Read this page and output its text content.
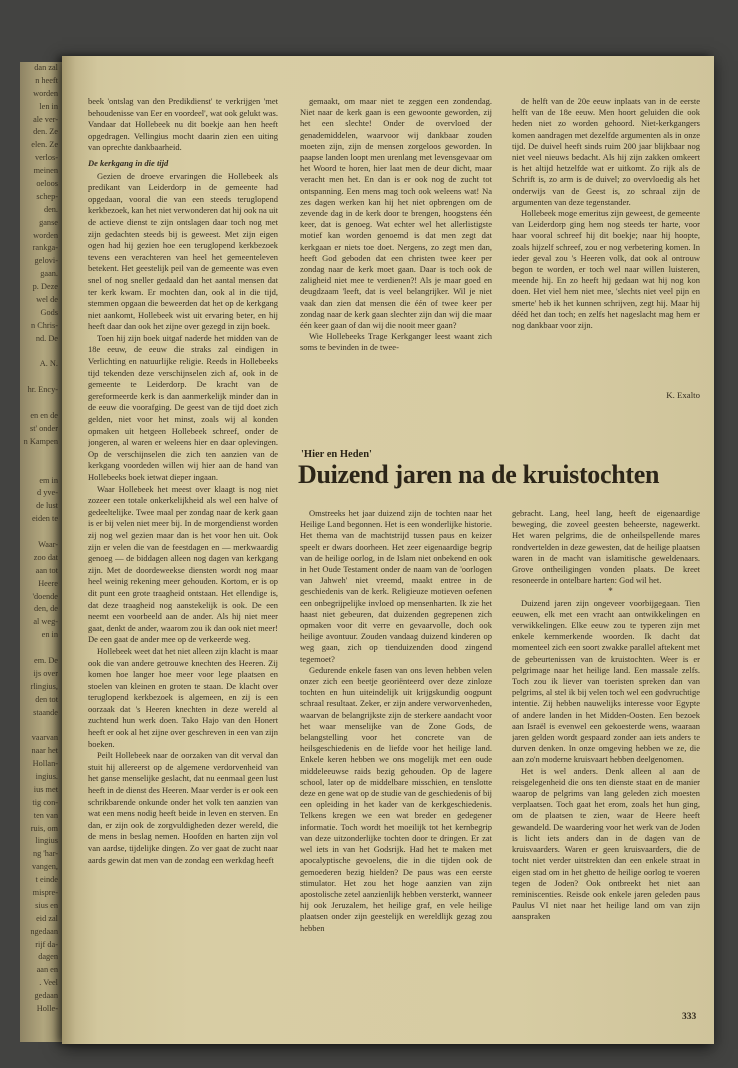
dan zal
n heeft
worden
len in
ale ver-
den. Ze
elen. Ze
verlos-
meinen
oeloos
schep-
den.
ganse
worden
rankga-
gelovi-
gaan.
p. Deze
wel de
Gods
n Chris-
nd. De
A. N.
hr. Ency-
en en de
st' onder
n Kampen
em in
d yve-
de lust
eiden te
Waar-
zoo dat
aan tot
Heere
'doende
den, de
al weg-
en in
em. De
ijs over
rlingius,
den tot
staande
vaarvan
naar het
Hollan-
ingius.
ius met
tig con-
ten van
ruis, om
lingius
ng 'har-
vangen,
t einde
mispre-
sius en
eid zal
ngedaan
rijf da-
dagen
aan en
. Veel
gedaan
Holle-

beek 'ontslag van den Predikdienst' te verkrijgen 'met behoudenisse van Eer en voordeel', wat ook gelukt was. Vandaar dat Hollebeek nu dit boekje aan hen heeft opgedragen. Vellingius mocht daarin zien een uiting van oprechte dankbaarheid.

De kerkgang in die tijd

Gezien de droeve ervaringen die Hollebeek als predikant van Leiderdorp in de gemeente had opgedaan, vooral die van een steeds teruglopend kerkbezoek, kan het niet verwonderen dat hij ook na uit de actieve dienst te zijn ontslagen daar toch nog met zijn gedachten steeds bij is geweest. Met zijn eigen ogen had hij gezien hoe een teruglopend kerkbezoek tevens een verachteren van heel het gemeenteleven betekent. Het geestelijk peil van de gemeente was even snel of nog sneller gedaald dan het aantal mensen dat ter kerk kwam. Er mochten dan, ook al in die tijd, stemmen opgaan die beweerden dat het op de kerkgang niet aankomt, Hollebeek wist uit ervaring beter, en hij heeft daar dan ook het zijne over gezegd in zijn boek.

Toen hij zijn boek uitgaf naderde het midden van de 18e eeuw, de eeuw die straks zal eindigen in Verlichting en natuurlijke religie. Reeds in Hollebeeks tijd tekenden deze verschijnselen zich af, ook in de gemeente te Leiderdorp. De kracht van de gereformeerde kerk is dan aanmerkelijk minder dan in de eeuw die voorafging. De geest van de tijd doet zich gelden, niet voor het minst, zoals wij al konden opmaken uit hetgeen Hollebeek schreef, onder de jongeren, al waren er weleens hier en daar oplevingen. Op de verschijnselen die zich ten aanzien van de kerkgang voordeden willen wij hier aan de hand van Hollebeeks boek ietwat dieper ingaan.

Waar Hollebeek het meest over klaagt is nog niet zozeer een totale onkerkelijkheid als wel een halve of gedeeltelijke. Twee maal per zondag naar de kerk gaan is er bij velen niet meer bij. In de morgendienst worden zij nog wel gezien maar dan is het voor hen uit. Ook zijn er velen die van de feestdagen en — merkwaardig genoeg — de biddagen alleen nog dagen van kerkgang zijn. Met de doordeweekse diensten wordt nog maar heel weinig rekening meer gehouden. Kortom, er is op dit punt een grote traagheid ontstaan. Het ellendige is, dat deze traagheid nog aanstekelijk is ook. De een neemt een voorbeeld aan de ander. Als hij niet meer gaat, denkt de ander, waarom zou ik dan ook niet meer! De een gaat de ander mee op de verkeerde weg.

Hollebeek weet dat het niet alleen zijn klacht is maar ook die van andere getrouwe knechten des Heeren. Zij komen hoe langer hoe meer voor lege plaatsen en stoelen van kleinen en groten te staan. De klacht over teruglopend kerkbezoek is algemeen, en zij is een oorzaak dat 's Heeren knechten in deze wereld al zuchtend hun werk doen. Tako Hajo van den Honert heeft er ook al het zijne over geschreven in een van zijn boeken.

Peilt Hollebeek naar de oorzaken van dit verval dan stuit hij allereerst op de algemene verdorvenheid van het ganse menselijke geslacht, dat nu eenmaal geen lust heeft in de dienst des Heeren. Maar verder is er ook een schrikbarende onkunde onder het volk ten aanzien van wat een mens nodig heeft beide in leven en sterven. En dan, er zijn ook de zorgvuldigheden dezer wereld, die de mens in beslag nemen. Hoofden en harten zijn vol van aardse, tijdelijke dingen. Zo ver gaat de zucht naar aards gewin dat men van de zondag een werkdag heeft

gemaakt, om maar niet te zeggen een zondendag. Niet naar de kerk gaan is een gewoonte geworden, zij het een slechte! Onder de overvloed der genademiddelen, waarvoor wij dankbaar zouden moeten zijn, zijn de mensen zorgeloos geworden. In paapse landen loopt men urenlang met levensgevaar om het Woord te horen, hier laat men de deur dicht, maar veracht men het. En dan is er ook nog de zucht tot ontspanning. Een mens mag toch ook weleens wat! Na zes dagen werken kan hij het niet opbrengen om de zevende dag in de kerk door te brengen, hoogstens één keer, dat is genoeg. Wat echter wel het allerlistigste motief kan worden genoemd is dat men zegt dat kerkgaan er niets toe doet. Nergens, zo zegt men dan, heeft God geboden dat een christen twee keer per zondag naar de kerk moet gaan. Daar is toch ook de zaligheid niet mee te verdienen?! Als je maar goed en deugdzaam 'leeft, dat is veel belangrijker. Wil je niet vaak dan zien dat mensen die één of twee keer per zondag naar de kerk gaan slechter zijn dan wij die maar één keer gaan of dan wij die nooit meer gaan?

Wie Hollebeeks Trage Kerkganger leest waant zich soms te bevinden in de twee-

de helft van de 20e eeuw inplaats van in de eerste helft van de 18e eeuw. Men hoort geluiden die ook heden niet zo worden gehoord. Niet-kerkgangers komen aandragen met dezelfde argumenten als in onze tijd. De duivel heeft sinds ruim 200 jaar blijkbaar nog niet veel nieuws bedacht. Als hij zijn zakken omkeert is het altijd hetzelfde wat er uitkomt. Zo rijk als de Schrift is, zo arm is de duivel; zo overvloedig als het onderwijs van de Geest is, zo schraal zijn de argumenten van deze tegenstander.

Hollebeek moge emeritus zijn geweest, de gemeente van Leiderdorp ging hem nog steeds ter harte, voor haar vooral schreef hij dit boekje; naar hij hoopte, zoals hijzelf schreef, zou er nog verbetering komen. In ieder geval zou 's Heeren volk, dat ook al ontrouw begon te worden, er toch wel naar willen luisteren, meende hij. En zo heeft hij gedaan wat hij nog kon doen. Het viel hem niet mee, 'slechts niet veel pijn en smerte' heb ik het kunnen schrijven, zegt hij. Maar hij dééd het dan toch; en zelfs het nageslacht mag hem er nog dankbaar voor zijn.

K. Exalto
'Hier en Heden'
Duizend jaren na de kruistochten

Omstreeks het jaar duizend zijn de tochten naar het Heilige Land begonnen. Het is een wonderlijke historie. Het thema van de machtstrijd tussen paus en keizer speelt er dwars doorheen. Het zeer eigenaardige begrip van de heilige oorlog, in de Islam niet onbekend en ook in het Oude Testament onder de naam van de 'oorlogen van Jahweh' niet vreemd, maakt entree in de geschiedenis van de kerk. Religieuze motieven oefenen een onbegrijpelijke invloed op mensenharten. Ik zie het haast niet gebeuren, dat duizenden gegrepenen zich opmaken voor dit verre en gevaarvolle, doch ook heilige avontuur. Zouden vandaag duizend kinderen op weg gaan, zich op tienduizenden dood zingend tegemoet?

Gedurende enkele fasen van ons leven hebben velen onzer zich een beetje georiënteerd over deze zinloze tochten en hun uiteindelijk uit krijgskundig oogpunt schraal resultaat. Zeker, er zijn andere verworvenheden, waarvan de belangrijkste zijn de sterkere aandacht voor het waar menselijke van de Zone Gods, de belangstelling voor het concrete van de heilsgeschiedenis en de liefde voor het heilige land. Enkele keren hebben we ons mogelijk met een oude middeleeuwse raids bezig gehouden. Op de lagere school, later op de middelbare misschien, en tenslotte deze en gene wat op de studie van de geschiedenis of bij een opleiding in het kader van de kerkgeschiedenis. Telkens kregen we een wat breder en gedegener informatie. Toch wordt het moeilijk tot het kernbegrip van deze uitzonderlijke tochten door te dringen. Er zat wel iets in van het Godsrijk. Had het te maken met apocalyptische gevoelens, die in die tijden ook de gemoederen bezig hielden? De paus was een eerste stimulator. Het zou het hoge aanzien van zijn apostolische zetel aanzienlijk hebben versterkt, wanneer hij ook Jeruzalem, het heilige graf, en vele heilige plaatsen onder zijn geestelijk en wereldlijk gezag zou hebben

gebracht. Lang, heel lang, heeft de eigenaardige beweging, die zoveel geesten beheerste, nagewerkt. Het waren pelgrims, die de onheilspellende mares rondvertelden in deze gewesten, dat de heilige plaatsen waren in de macht van islamitische geweldenaars. Grove ontheiligingen vonden plaats. De kreet resoneerde in ontelbare harten: God wil het.

*

Duizend jaren zijn ongeveer voorbijgegaan. Tien eeuwen, elk met een vracht aan ontwikkelingen en verwikkelingen. Elke eeuw zou te typeren zijn met enkele kernmerkende woorden. Ik dacht dat momenteel zich een soort zwakke parallel aftekent met de gebeurtenissen van de kruistochten. Weer is er pelgrimage naar het heilige land. Een massale zelfs. Toch zou ik liever van toeristen spreken dan van pelgrims, al stel ik bij velen toch wel een godvruchtige intentie. Zij hebben nauwelijks interesse voor Egypte of andere landen in het Midden-Oosten. Een bezoek aan Israël is evenwel een gekoesterde wens, waaraan jaren gelden wordt gespaard zonder aan iets anders te durven denken. In onze omgeving hebben we ze, die aan zo'n moderne kruisvaart hebben deelgenomen.

Het is wel anders. Denk alleen al aan de reisgelegenheid die ons ten dienste staat en de manier waarop de pelgrims van lang geleden zich moesten verplaatsen. Toch gaat het erom, zoals het hun ging, om de plaatsen te zien, waar de Heere heeft gewandeld. De waardering voor het werk van de Joden is licht iets anders dan in de dagen van de kruisvaarders. Waren er geen kruisvaarders, die de tocht niet verder uitstrekten dan een enkele straat in eigen stad om in het ghetto de heilige oorlog te voeren tegen de Joden? Ook ontbreekt het niet aan reminiscenties. Reisde ook enkele jaren geleden paus Paulus VI niet naar het heilige land om van zijn aanspraken

333
